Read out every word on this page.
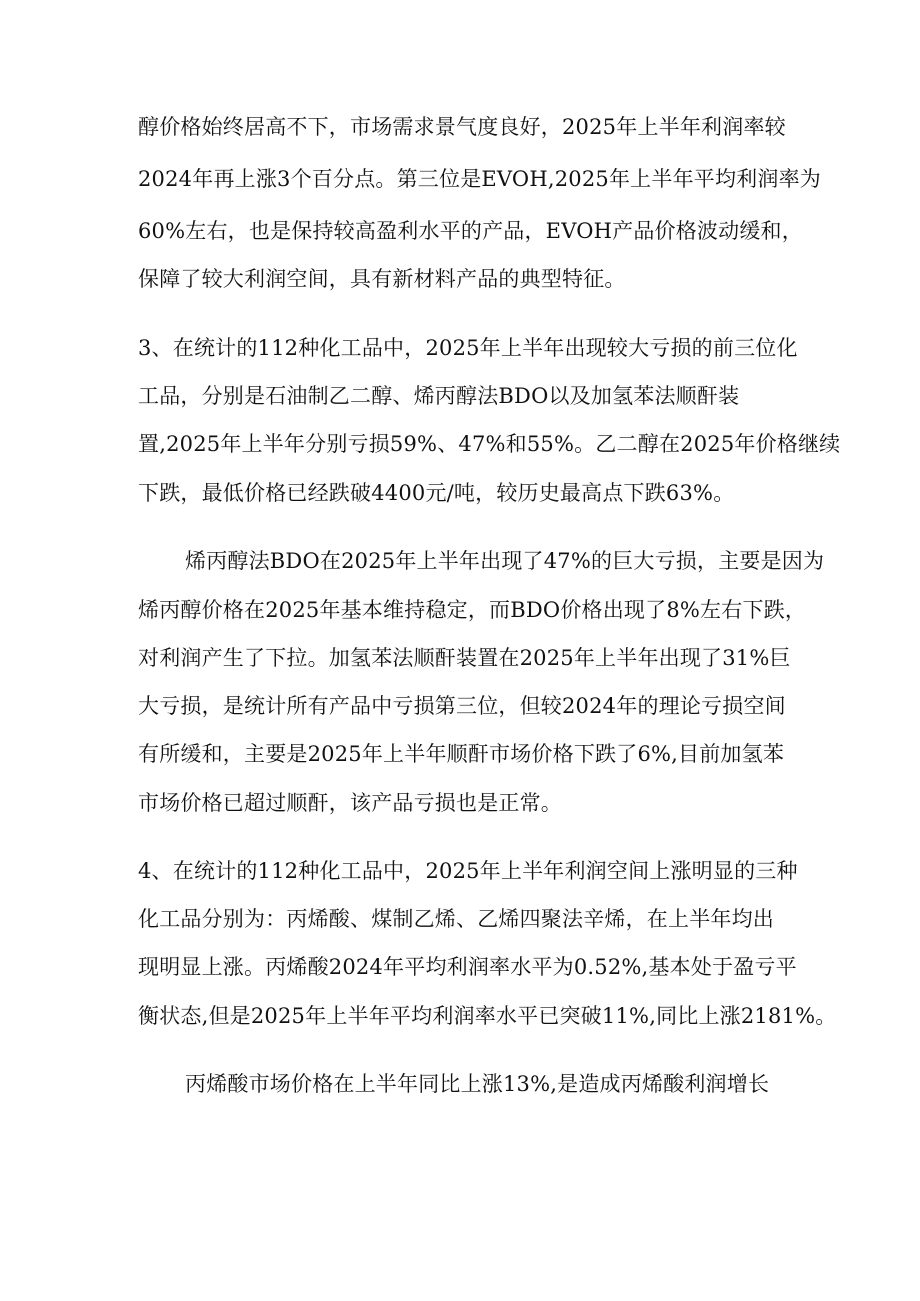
醇价格始终居高不下，市场需求景气度良好，2025年上半年利润率较
2024年再上涨3个百分点。第三位是EVOH,2025年上半年平均利润率为
60%左右，也是保持较高盈利水平的产品，EVOH产品价格波动缓和，
保障了较大利润空间，具有新材料产品的典型特征。
3、在统计的112种化工品中，2025年上半年出现较大亏损的前三位化
工品，分别是石油制乙二醇、烯丙醇法BDO以及加氢苯法顺酐装
置,2025年上半年分别亏损59%、47%和55%。乙二醇在2025年价格继续
下跌，最低价格已经跌破4400元/吨，较历史最高点下跌63%。
烯丙醇法BDO在2025年上半年出现了47%的巨大亏损，主要是因为
烯丙醇价格在2025年基本维持稳定，而BDO价格出现了8%左右下跌，
对利润产生了下拉。加氢苯法顺酐装置在2025年上半年出现了31%巨
大亏损，是统计所有产品中亏损第三位，但较2024年的理论亏损空间
有所缓和，主要是2025年上半年顺酐市场价格下跌了6%,目前加氢苯
市场价格已超过顺酐，该产品亏损也是正常。
4、在统计的112种化工品中，2025年上半年利润空间上涨明显的三种
化工品分别为：丙烯酸、煤制乙烯、乙烯四聚法辛烯，在上半年均出
现明显上涨。丙烯酸2024年平均利润率水平为0.52%,基本处于盈亏平
衡状态,但是2025年上半年平均利润率水平已突破11%,同比上涨2181%。
丙烯酸市场价格在上半年同比上涨13%,是造成丙烯酸利润增长
